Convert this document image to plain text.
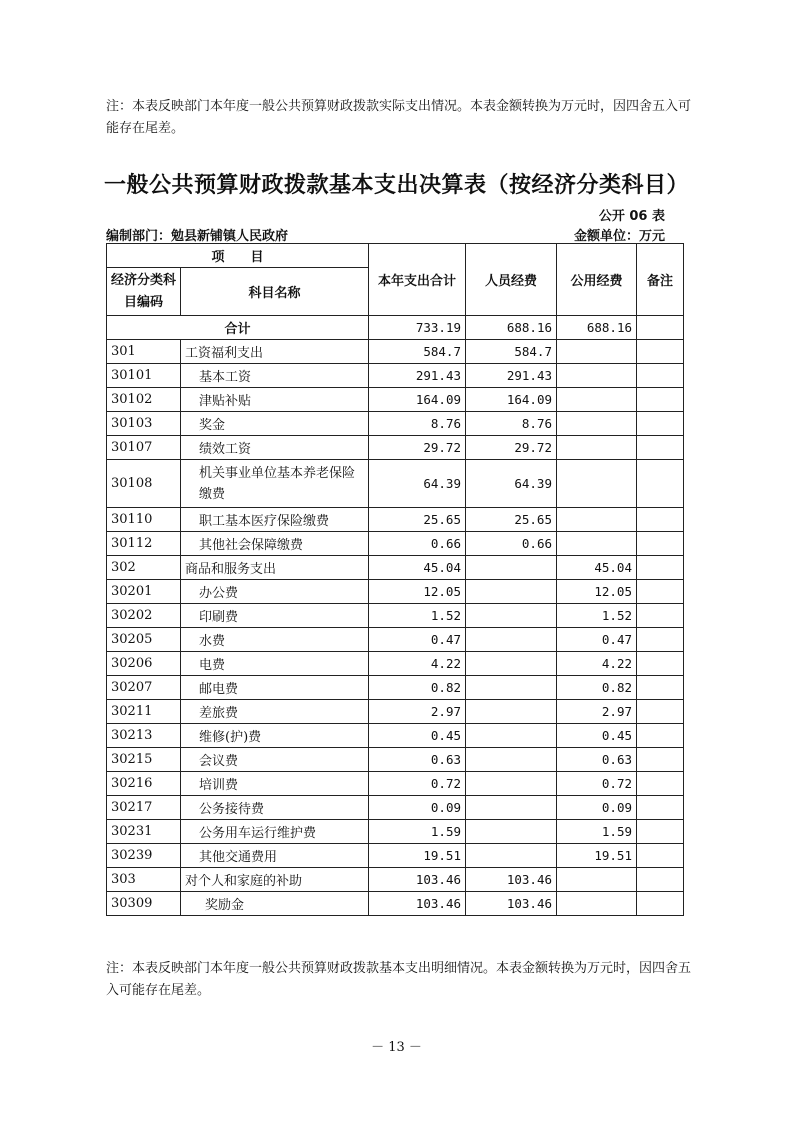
注：本表反映部门本年度一般公共预算财政拨款实际支出情况。本表金额转换为万元时，因四舍五入可能存在尾差。
一般公共预算财政拨款基本支出决算表（按经济分类科目）
公开 06 表
编制部门：勉县新铺镇人民政府	金额单位：万元
项　　目		本年支出合计	人员经费	公用经费	备注
经济分类科目编码	科目名称				
合计		733.19	688.16	688.16	
301	工资福利支出	584.7	584.7		
30101	基本工资	291.43	291.43		
30102	津贴补贴	164.09	164.09		
30103	奖金	8.76	8.76		
30107	绩效工资	29.72	29.72		
30108	机关事业单位基本养老保险缴费	64.39	64.39		
30110	职工基本医疗保险缴费	25.65	25.65		
30112	其他社会保障缴费	0.66	0.66		
302	商品和服务支出	45.04		45.04	
30201	办公费	12.05		12.05	
30202	印刷费	1.52		1.52	
30205	水费	0.47		0.47	
30206	电费	4.22		4.22	
30207	邮电费	0.82		0.82	
30211	差旅费	2.97		2.97	
30213	维修(护)费	0.45		0.45	
30215	会议费	0.63		0.63	
30216	培训费	0.72		0.72	
30217	公务接待费	0.09		0.09	
30231	公务用车运行维护费	1.59		1.59	
30239	其他交通费用	19.51		19.51	
303	对个人和家庭的补助	103.46	103.46		
30309	奖励金	103.46	103.46		
注：本表反映部门本年度一般公共预算财政拨款基本支出明细情况。本表金额转换为万元时，因四舍五入可能存在尾差。
－ 13 －
